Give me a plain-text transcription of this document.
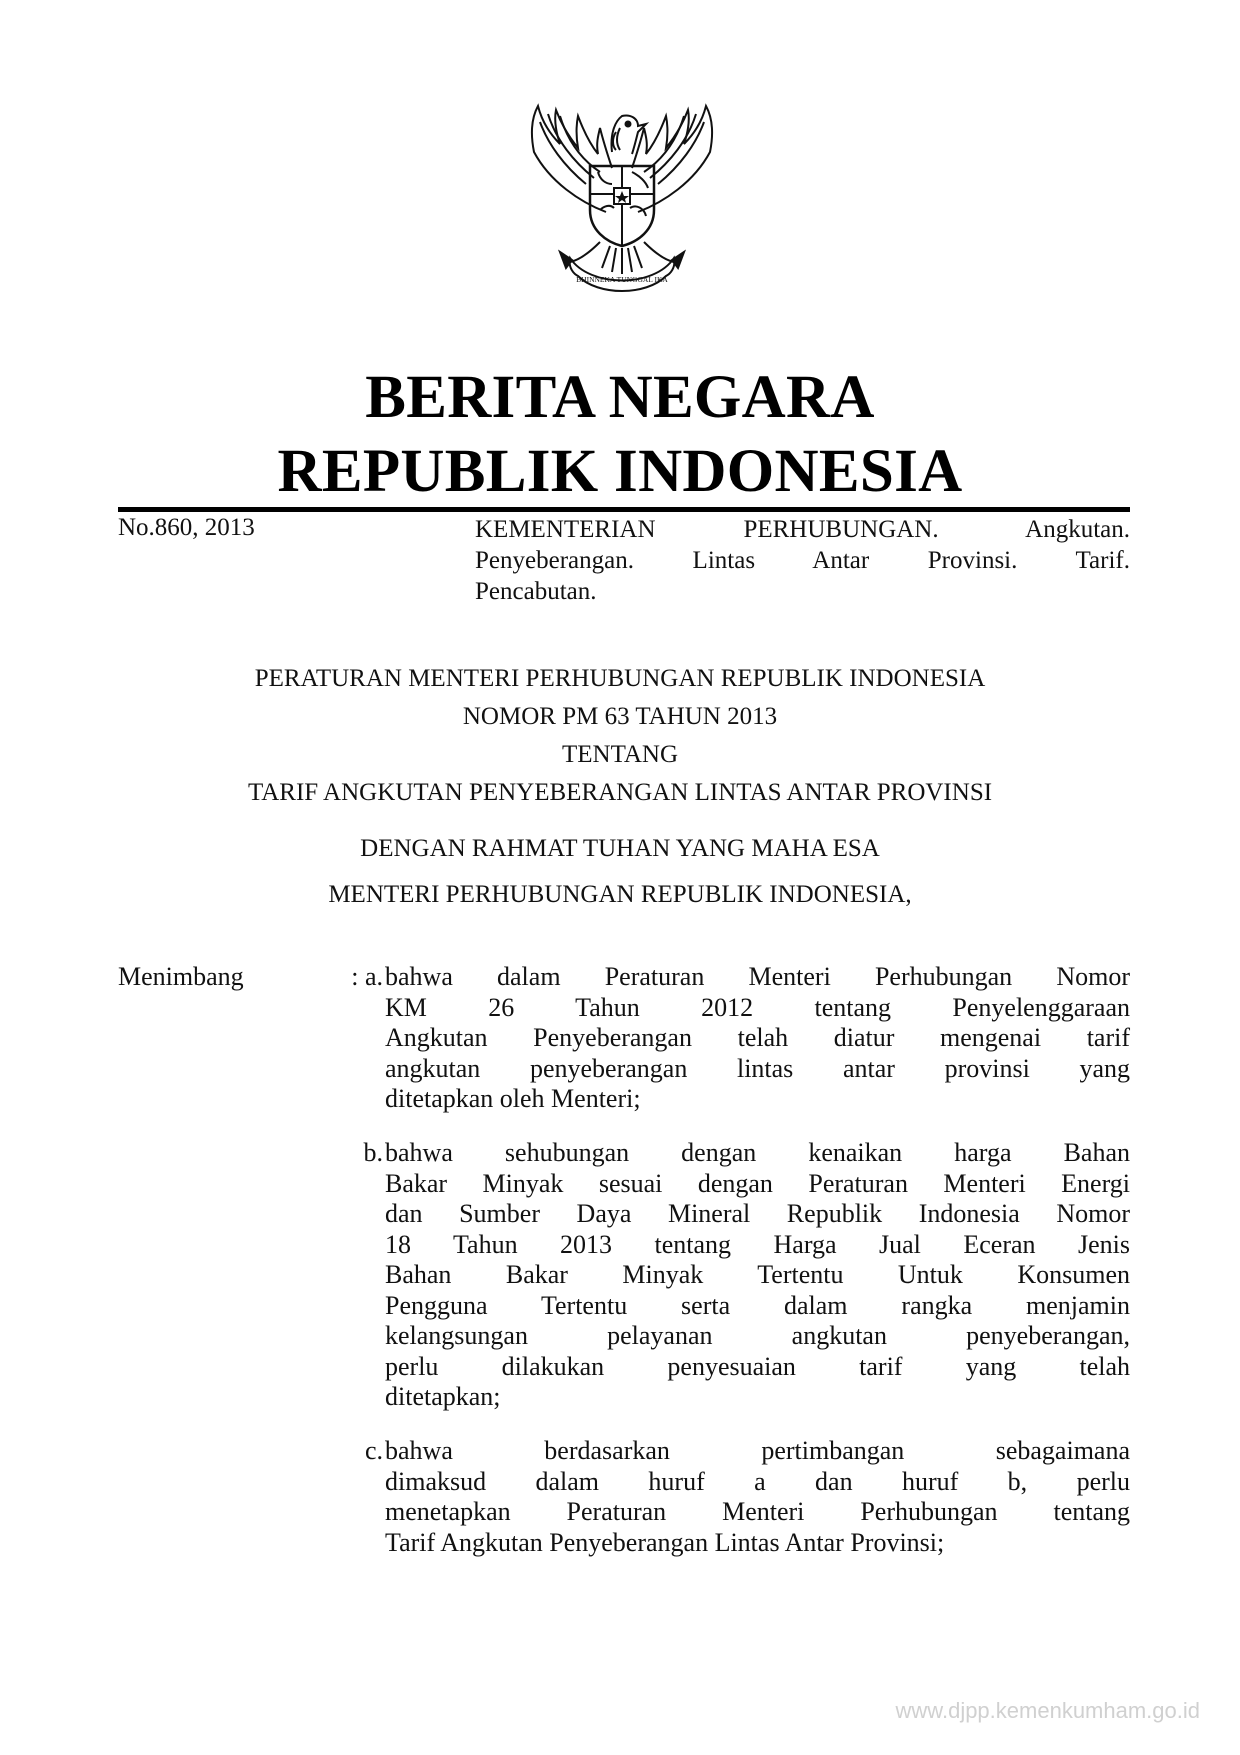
BHINNEKA TUNGGAL IKA
BERITA NEGARA
REPUBLIK INDONESIA
No.860, 2013	KEMENTERIAN PERHUBUNGAN. Angkutan.
Penyeberangan. Lintas Antar Provinsi. Tarif.
Pencabutan.
PERATURAN MENTERI PERHUBUNGAN REPUBLIK INDONESIA
NOMOR PM 63 TAHUN 2013
TENTANG
TARIF ANGKUTAN PENYEBERANGAN LINTAS ANTAR PROVINSI
DENGAN RAHMAT TUHAN YANG MAHA ESA
MENTERI PERHUBUNGAN REPUBLIK INDONESIA,
Menimbang	: a. bahwa dalam Peraturan Menteri Perhubungan Nomor
KM 26 Tahun 2012 tentang Penyelenggaraan
Angkutan Penyeberangan telah diatur mengenai tarif
angkutan penyeberangan lintas antar provinsi yang
ditetapkan oleh Menteri;
b. bahwa sehubungan dengan kenaikan harga Bahan
Bakar Minyak sesuai dengan Peraturan Menteri Energi
dan Sumber Daya Mineral Republik Indonesia Nomor
18 Tahun 2013 tentang Harga Jual Eceran Jenis
Bahan Bakar Minyak Tertentu Untuk Konsumen
Pengguna Tertentu serta dalam rangka menjamin
kelangsungan pelayanan angkutan penyeberangan,
perlu dilakukan penyesuaian tarif yang telah
ditetapkan;
c. bahwa berdasarkan pertimbangan sebagaimana
dimaksud dalam huruf a dan huruf b, perlu
menetapkan Peraturan Menteri Perhubungan tentang
Tarif Angkutan Penyeberangan Lintas Antar Provinsi;
www.djpp.kemenkumham.go.id
